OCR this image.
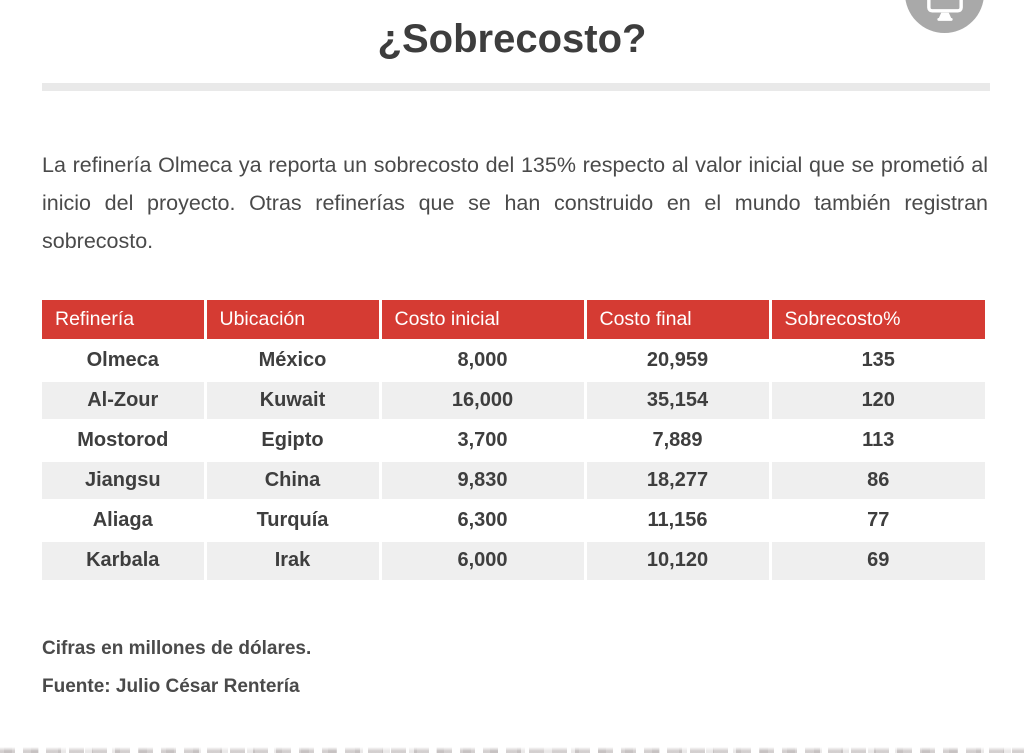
¿Sobrecosto?

La refinería Olmeca ya reporta un sobrecosto del 135% respecto al valor inicial que se prometió al inicio del proyecto. Otras refinerías que se han construido en el mundo también registran sobrecosto.

Refinería	Ubicación	Costo inicial	Costo final	Sobrecosto%
Olmeca	México	8,000	20,959	135
Al-Zour	Kuwait	16,000	35,154	120
Mostorod	Egipto	3,700	7,889	113
Jiangsu	China	9,830	18,277	86
Aliaga	Turquía	6,300	11,156	77
Karbala	Irak	6,000	10,120	69
Cifras en millones de dólares.
Fuente: Julio César Rentería
